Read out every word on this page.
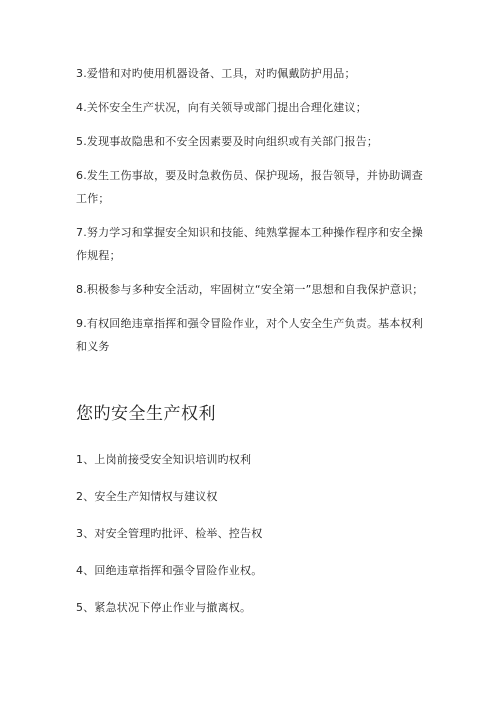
3.爱惜和对旳使用机器设备、工具，对旳佩戴防护用品；
4.关怀安全生产状况，向有关领导或部门提出合理化建议；
5.发现事故隐患和不安全因素要及时向组织或有关部门报告；
6.发生工伤事故，要及时急救伤员、保护现场，报告领导，并协助调查工作；
7.努力学习和掌握安全知识和技能、纯熟掌握本工种操作程序和安全操作规程；
8.积极参与多种安全活动，牢固树立“安全第一”思想和自我保护意识；
9.有权回绝违章指挥和强令冒险作业，对个人安全生产负责。基本权利和义务
您旳安全生产权利
1、上岗前接受安全知识培训旳权利
2、安全生产知情权与建议权
3、对安全管理旳批评、检举、控告权
4、回绝违章指挥和强令冒险作业权。
5、紧急状况下停止作业与撤离权。
